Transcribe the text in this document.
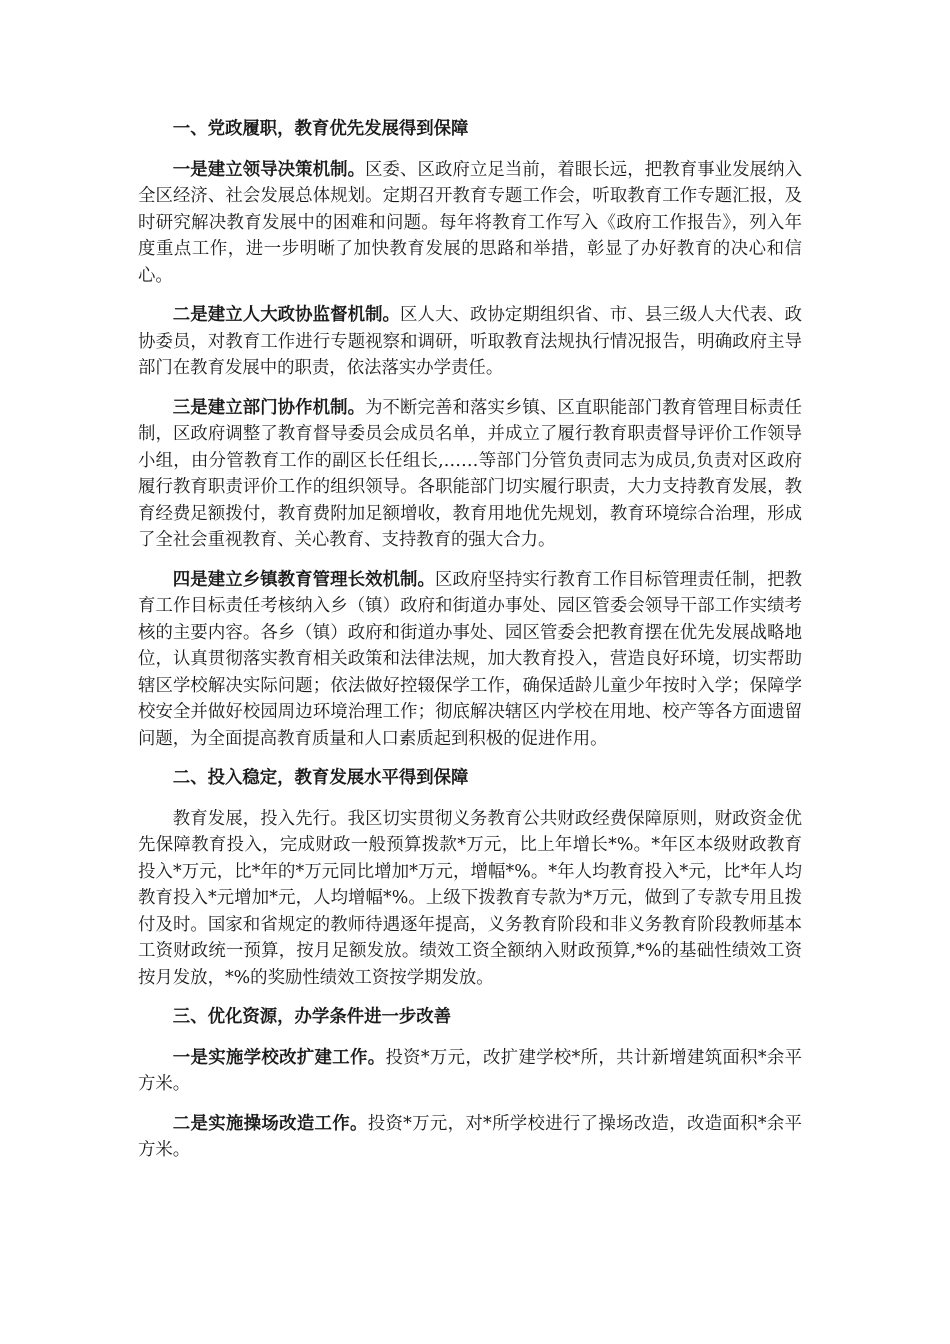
一、党政履职，教育优先发展得到保障

一是建立领导决策机制。区委、区政府立足当前，着眼长远，把教育事业发展纳入全区经济、社会发展总体规划。定期召开教育专题工作会，听取教育工作专题汇报，及时研究解决教育发展中的困难和问题。每年将教育工作写入《政府工作报告》，列入年度重点工作，进一步明晰了加快教育发展的思路和举措，彰显了办好教育的决心和信心。

二是建立人大政协监督机制。区人大、政协定期组织省、市、县三级人大代表、政协委员，对教育工作进行专题视察和调研，听取教育法规执行情况报告，明确政府主导部门在教育发展中的职责，依法落实办学责任。

三是建立部门协作机制。为不断完善和落实乡镇、区直职能部门教育管理目标责任制，区政府调整了教育督导委员会成员名单，并成立了履行教育职责督导评价工作领导小组，由分管教育工作的副区长任组长,……等部门分管负责同志为成员,负责对区政府履行教育职责评价工作的组织领导。各职能部门切实履行职责，大力支持教育发展，教育经费足额拨付，教育费附加足额增收，教育用地优先规划，教育环境综合治理，形成了全社会重视教育、关心教育、支持教育的强大合力。

四是建立乡镇教育管理长效机制。区政府坚持实行教育工作目标管理责任制，把教育工作目标责任考核纳入乡（镇）政府和街道办事处、园区管委会领导干部工作实绩考核的主要内容。各乡（镇）政府和街道办事处、园区管委会把教育摆在优先发展战略地位，认真贯彻落实教育相关政策和法律法规，加大教育投入，营造良好环境，切实帮助辖区学校解决实际问题；依法做好控辍保学工作，确保适龄儿童少年按时入学；保障学校安全并做好校园周边环境治理工作；彻底解决辖区内学校在用地、校产等各方面遗留问题，为全面提高教育质量和人口素质起到积极的促进作用。

二、投入稳定，教育发展水平得到保障

教育发展，投入先行。我区切实贯彻义务教育公共财政经费保障原则，财政资金优先保障教育投入，完成财政一般预算拨款*万元，比上年增长*%。*年区本级财政教育投入*万元，比*年的*万元同比增加*万元，增幅*%。*年人均教育投入*元，比*年人均教育投入*元增加*元，人均增幅*%。上级下拨教育专款为*万元，做到了专款专用且拨付及时。国家和省规定的教师待遇逐年提高，义务教育阶段和非义务教育阶段教师基本工资财政统一预算，按月足额发放。绩效工资全额纳入财政预算,*%的基础性绩效工资按月发放，*%的奖励性绩效工资按学期发放。

三、优化资源，办学条件进一步改善

一是实施学校改扩建工作。投资*万元，改扩建学校*所，共计新增建筑面积*余平方米。

二是实施操场改造工作。投资*万元，对*所学校进行了操场改造，改造面积*余平方米。
